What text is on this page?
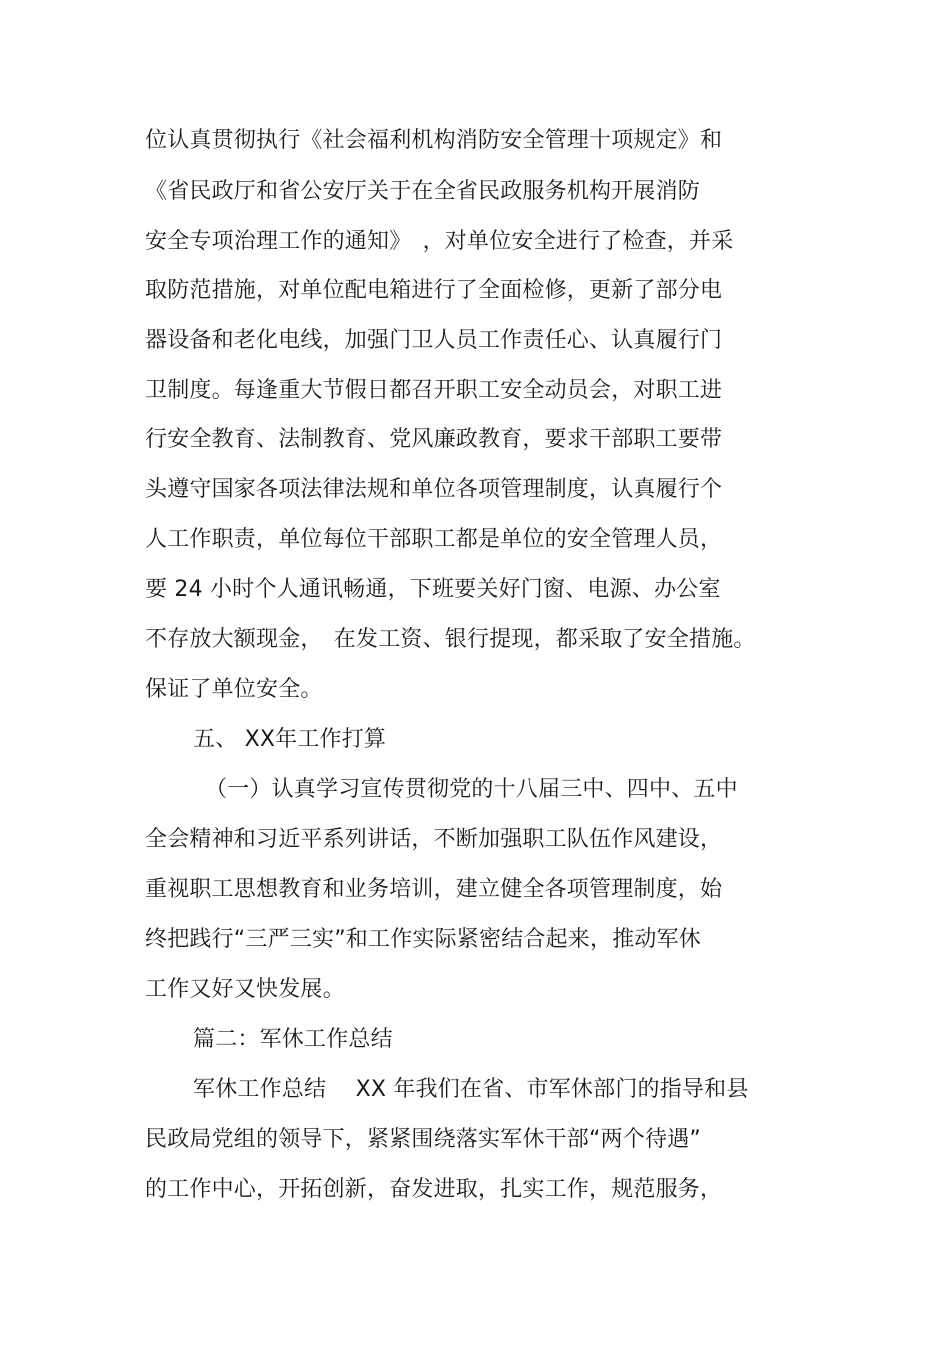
位认真贯彻执行《社会福利机构消防安全管理十项规定》和
《省民政厅和省公安厅关于在全省民政服务机构开展消防
安全专项治理工作的通知》　，对单位安全进行了检查，并采
取防范措施，对单位配电箱进行了全面检修，更新了部分电
器设备和老化电线，加强门卫人员工作责任心、认真履行门
卫制度。每逢重大节假日都召开职工安全动员会，对职工进
行安全教育、法制教育、党风廉政教育，要求干部职工要带
头遵守国家各项法律法规和单位各项管理制度，认真履行个
人工作职责，单位每位干部职工都是单位的安全管理人员，
要 24 小时个人通讯畅通，下班要关好门窗、电源、办公室
不存放大额现金，　在发工资、银行提现，都采取了安全措施。
保证了单位安全。
五、 XX年工作打算
（一）认真学习宣传贯彻党的十八届三中、四中、五中
全会精神和习近平系列讲话，不断加强职工队伍作风建设，
重视职工思想教育和业务培训，建立健全各项管理制度，始
终把践行“三严三实”和工作实际紧密结合起来，推动军休
工作又好又快发展。
篇二：军休工作总结
军休工作总结　 XX 年我们在省、市军休部门的指导和县
民政局党组的领导下，紧紧围绕落实军休干部“两个待遇”
的工作中心，开拓创新，奋发进取，扎实工作，规范服务，
